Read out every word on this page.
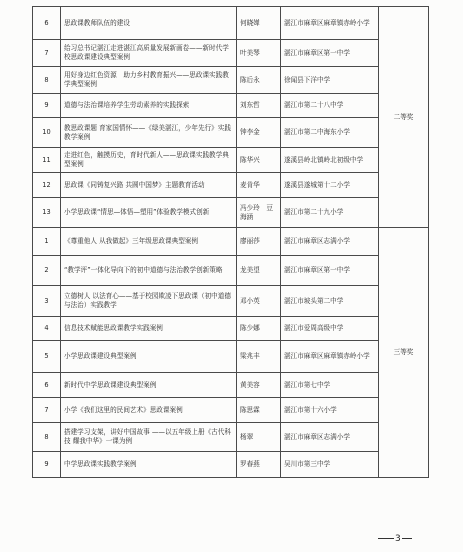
6	思政课教师队伍的建设	何晓婵	湛江市麻章区麻章镇赤岭小学	二等奖
7	给习总书记湛江走进湛江高质量发展新画卷——新时代学校思政课建设典型案例	叶美琴	湛江市麻章区第一中学	
8	用好身边红色资源　助力乡村教育振兴——思政课实践教学典型案例	陈后永	徐闻县下洋中学	
9	道德与法治课培养学生劳动素养的实践探索	刘东哲	湛江市第二十八中学	
10	教思政课题 育家国情怀——《绿美湛江，少年先行》实践教学案例	钟李金	湛江市第二中海东小学	
11	走进红色，触摸历史，育时代新人——思政课实践教学典型案例	陈华兴	遂溪县岭北镇岭北初级中学	
12	思政课《同铸复兴路 共圆中国梦》主题教育活动	麦肯华	遂溪县遂城第十二小学	
13	小学思政课“情思—体悟—塑用”体验教学模式创新	冯少玲　豆海涵	湛江市第二十九小学	
1	《尊重他人 从我做起》三年级思政课典型案例	廖丽莎	湛江市麻章区志满小学	三等奖
2	“教学评”一体化导向下的初中道德与法治教学创新策略	龙美望	湛江市麻章区第一中学	
3	立德树人 以法育心——基于校园欺凌下思政课（初中道德与法治）实践教学	邓小英	湛江市坡头第二中学	
4	信息技术赋能思政课教学实践案例	陈少娜	湛江市爱周高级中学	
5	小学思政课建设典型案例	梁兆丰	湛江市麻章区麻章镇赤岭小学	
6	新时代中学思政课建设典型案例	黄美容	湛江市第七中学	
7	小学《我们这里的民间艺术》思政课案例	陈思霖	湛江市第十六小学	
8	搭建学习支架，讲好中国故事 ——以五年级上册《古代科技 耀我中华》一课为例	杨翠	湛江市麻章区志满小学	
9	中学思政课实践教学案例	罗春燕	吴川市第三中学	
3
